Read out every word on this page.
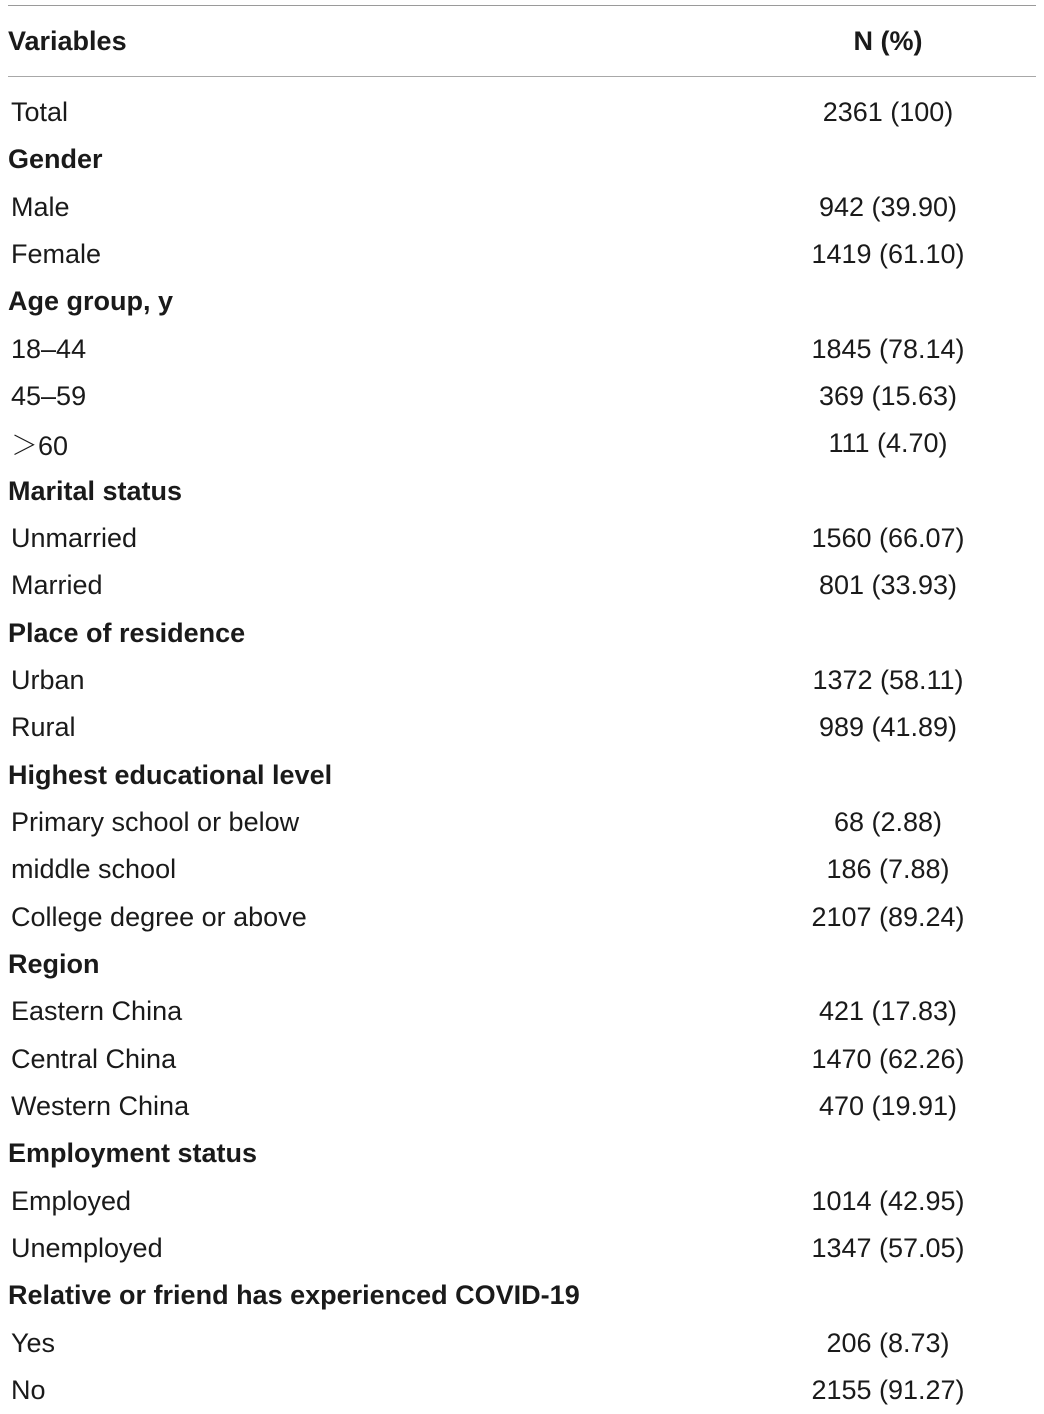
Variables	N (%)
Total	2361 (100)
Gender
Male	942 (39.90)
Female	1419 (61.10)
Age group, y
18–44	1845 (78.14)
45–59	369 (15.63)
＞60	111 (4.70)
Marital status
Unmarried	1560 (66.07)
Married	801 (33.93)
Place of residence
Urban	1372 (58.11)
Rural	989 (41.89)
Highest educational level
Primary school or below	68 (2.88)
middle school	186 (7.88)
College degree or above	2107 (89.24)
Region
Eastern China	421 (17.83)
Central China	1470 (62.26)
Western China	470 (19.91)
Employment status
Employed	1014 (42.95)
Unemployed	1347 (57.05)
Relative or friend has experienced COVID-19
Yes	206 (8.73)
No	2155 (91.27)
